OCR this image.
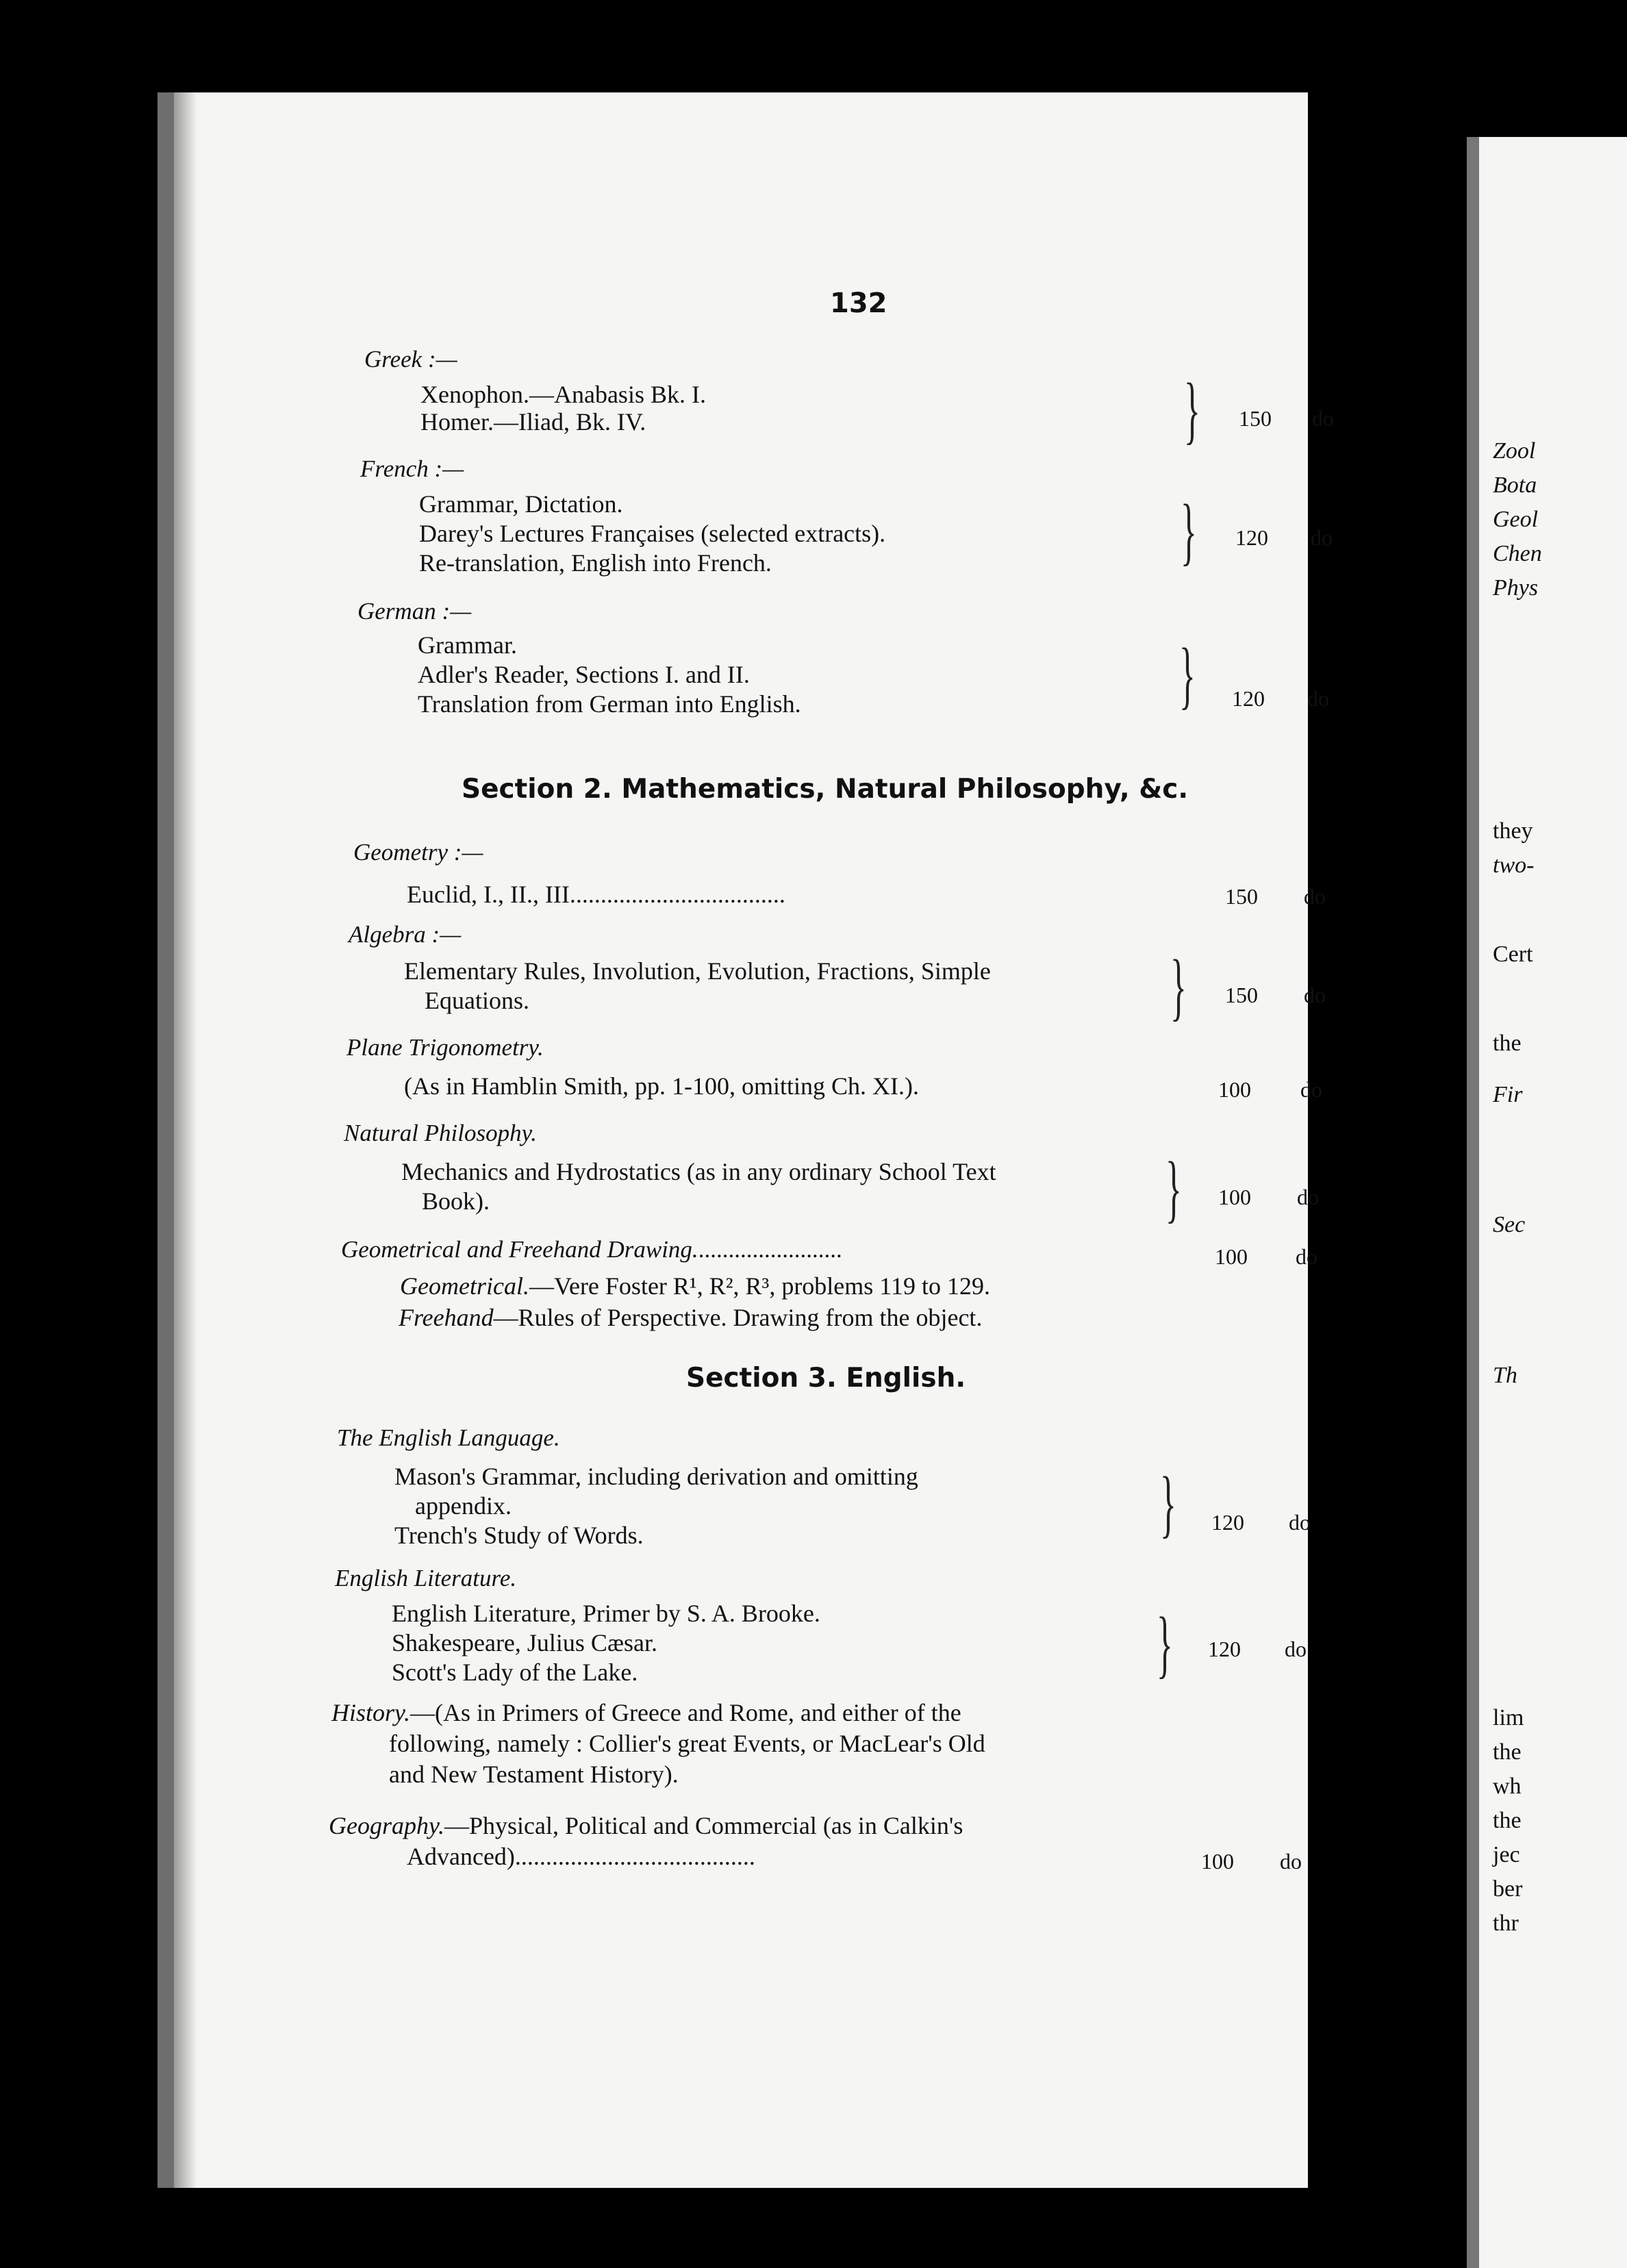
132
Greek :—
Xenophon.—Anabasis Bk. I.
Homer.—Iliad, Bk. IV.	} 150 do
French :—
Grammar, Dictation.
Darey's Lectures Françaises (selected extracts).
Re-translation, English into French.	} 120 do
German :—
Grammar.
Adler's Reader, Sections I. and II.
Translation from German into English.	} 120 do
Section 2. Mathematics, Natural Philosophy, &c.
Geometry :—
Euclid, I., II., III...................................	150 do
Algebra :—
Elementary Rules, Involution, Evolution, Fractions, Simple
Equations.	} 150 do
Plane Trigonometry.
(As in Hamblin Smith, pp. 1-100, omitting Ch. XI.).	100 do
Natural Philosophy.
Mechanics and Hydrostatics (as in any ordinary School Text
Book).	} 100 do
Geometrical and Freehand Drawing.........................	100 do
Geometrical.—Vere Foster R¹, R², R³, problems 119 to 129.
Freehand—Rules of Perspective. Drawing from the object.
Section 3. English.
The English Language.
Mason's Grammar, including derivation and omitting
appendix.
Trench's Study of Words.	} 120 do
English Literature.
English Literature, Primer by S. A. Brooke.
Shakespeare, Julius Cæsar.
Scott's Lady of the Lake.	} 120 do
History.—(As in Primers of Greece and Rome, and either of the
following, namely : Collier's great Events, or MacLear's Old
and New Testament History).
Geography.—Physical, Political and Commercial (as in Calkin's
Advanced).......................................	100 do
Zool
Bota
Geol
Chen
Phys
they
two-
Cert
the
Fir
Sec
Th
lim
the
wh
the
jec
ber
thr
